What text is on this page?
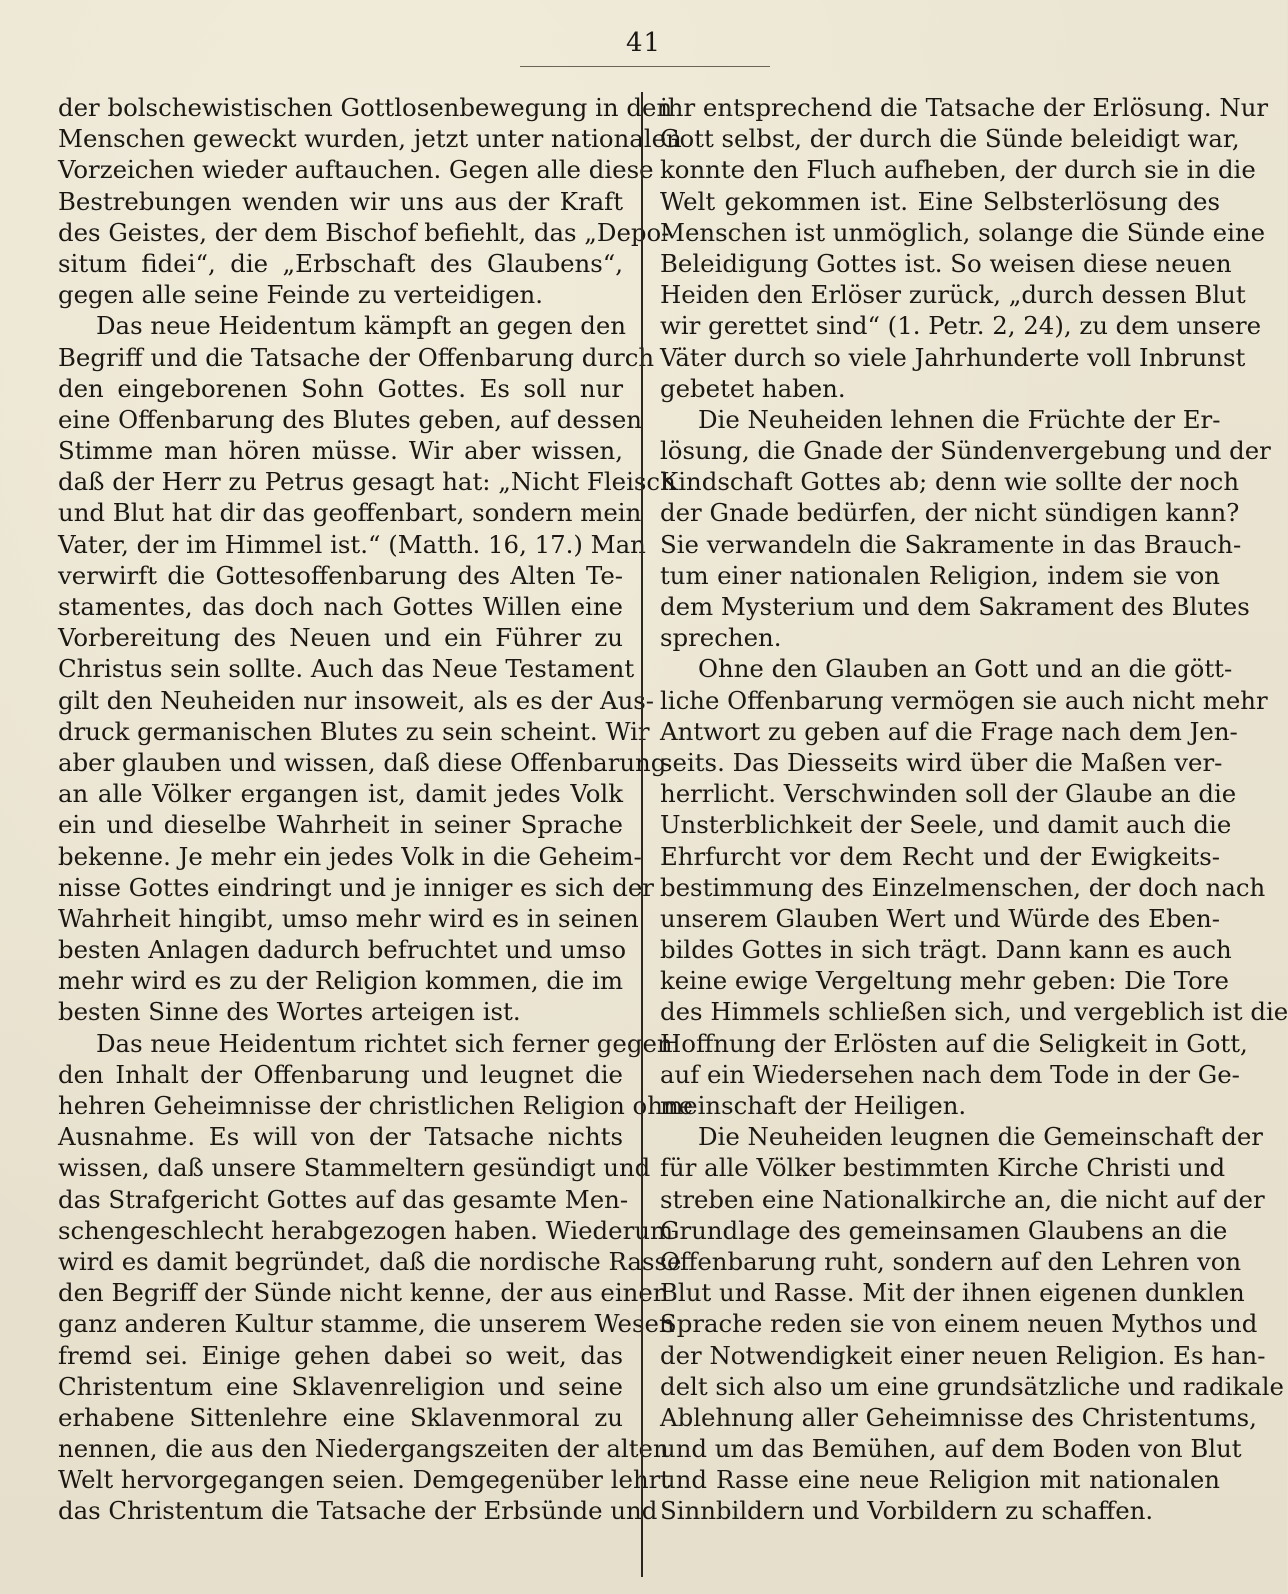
41
der bolschewistischen Gottlosenbewegung in den
Menschen geweckt wurden, jetzt unter nationalen
Vorzeichen wieder auftauchen. Gegen alle diese
Bestrebungen wenden wir uns aus der Kraft
des Geistes, der dem Bischof befiehlt, das „Depo-
situm fidei“, die „Erbschaft des Glaubens“,
gegen alle seine Feinde zu verteidigen.
Das neue Heidentum kämpft an gegen den
Begriff und die Tatsache der Offenbarung durch
den eingeborenen Sohn Gottes. Es soll nur
eine Offenbarung des Blutes geben, auf dessen
Stimme man hören müsse. Wir aber wissen,
daß der Herr zu Petrus gesagt hat: „Nicht Fleisch
und Blut hat dir das geoffenbart, sondern mein
Vater, der im Himmel ist.“ (Matth. 16, 17.) Man
verwirft die Gottesoffenbarung des Alten Te-
stamentes, das doch nach Gottes Willen eine
Vorbereitung des Neuen und ein Führer zu
Christus sein sollte. Auch das Neue Testament
gilt den Neuheiden nur insoweit, als es der Aus-
druck germanischen Blutes zu sein scheint. Wir
aber glauben und wissen, daß diese Offenbarung
an alle Völker ergangen ist, damit jedes Volk
ein und dieselbe Wahrheit in seiner Sprache
bekenne. Je mehr ein jedes Volk in die Geheim-
nisse Gottes eindringt und je inniger es sich der
Wahrheit hingibt, umso mehr wird es in seinen
besten Anlagen dadurch befruchtet und umso
mehr wird es zu der Religion kommen, die im
besten Sinne des Wortes arteigen ist.
Das neue Heidentum richtet sich ferner gegen
den Inhalt der Offenbarung und leugnet die
hehren Geheimnisse der christlichen Religion ohne
Ausnahme. Es will von der Tatsache nichts
wissen, daß unsere Stammeltern gesündigt und
das Strafgericht Gottes auf das gesamte Men-
schengeschlecht herabgezogen haben. Wiederum
wird es damit begründet, daß die nordische Rasse
den Begriff der Sünde nicht kenne, der aus einer
ganz anderen Kultur stamme, die unserem Wesen
fremd sei. Einige gehen dabei so weit, das
Christentum eine Sklavenreligion und seine
erhabene Sittenlehre eine Sklavenmoral zu
nennen, die aus den Niedergangszeiten der alten
Welt hervorgegangen seien. Demgegenüber lehrt
das Christentum die Tatsache der Erbsünde und
ihr entsprechend die Tatsache der Erlösung. Nur
Gott selbst, der durch die Sünde beleidigt war,
konnte den Fluch aufheben, der durch sie in die
Welt gekommen ist. Eine Selbsterlösung des
Menschen ist unmöglich, solange die Sünde eine
Beleidigung Gottes ist. So weisen diese neuen
Heiden den Erlöser zurück, „durch dessen Blut
wir gerettet sind“ (1. Petr. 2, 24), zu dem unsere
Väter durch so viele Jahrhunderte voll Inbrunst
gebetet haben.
Die Neuheiden lehnen die Früchte der Er-
lösung, die Gnade der Sündenvergebung und der
Kindschaft Gottes ab; denn wie sollte der noch
der Gnade bedürfen, der nicht sündigen kann?
Sie verwandeln die Sakramente in das Brauch-
tum einer nationalen Religion, indem sie von
dem Mysterium und dem Sakrament des Blutes
sprechen.
Ohne den Glauben an Gott und an die gött-
liche Offenbarung vermögen sie auch nicht mehr
Antwort zu geben auf die Frage nach dem Jen-
seits. Das Diesseits wird über die Maßen ver-
herrlicht. Verschwinden soll der Glaube an die
Unsterblichkeit der Seele, und damit auch die
Ehrfurcht vor dem Recht und der Ewigkeits-
bestimmung des Einzelmenschen, der doch nach
unserem Glauben Wert und Würde des Eben-
bildes Gottes in sich trägt. Dann kann es auch
keine ewige Vergeltung mehr geben: Die Tore
des Himmels schließen sich, und vergeblich ist die
Hoffnung der Erlösten auf die Seligkeit in Gott,
auf ein Wiedersehen nach dem Tode in der Ge-
meinschaft der Heiligen.
Die Neuheiden leugnen die Gemeinschaft der
für alle Völker bestimmten Kirche Christi und
streben eine Nationalkirche an, die nicht auf der
Grundlage des gemeinsamen Glaubens an die
Offenbarung ruht, sondern auf den Lehren von
Blut und Rasse. Mit der ihnen eigenen dunklen
Sprache reden sie von einem neuen Mythos und
der Notwendigkeit einer neuen Religion. Es han-
delt sich also um eine grundsätzliche und radikale
Ablehnung aller Geheimnisse des Christentums,
und um das Bemühen, auf dem Boden von Blut
und Rasse eine neue Religion mit nationalen
Sinnbildern und Vorbildern zu schaffen.
